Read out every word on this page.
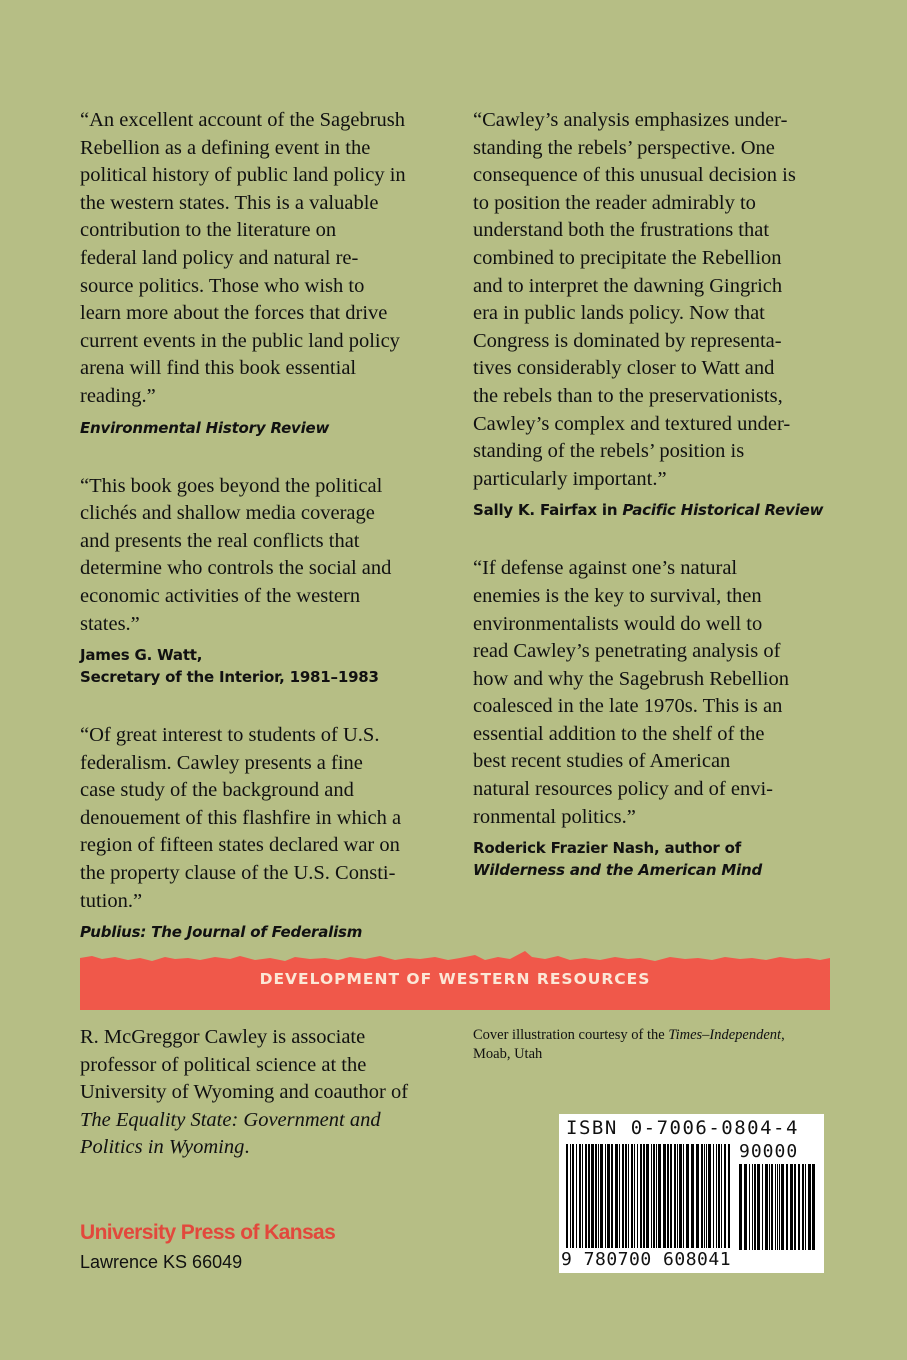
“An excellent account of the Sagebrush
Rebellion as a defining event in the
political history of public land policy in
the western states. This is a valuable
contribution to the literature on
federal land policy and natural re-
source politics. Those who wish to
learn more about the forces that drive
current events in the public land policy
arena will find this book essential
reading.”
Environmental History Review
“This book goes beyond the political
clichés and shallow media coverage
and presents the real conflicts that
determine who controls the social and
economic activities of the western
states.”
James G. Watt,
Secretary of the Interior, 1981–1983
“Of great interest to students of U.S.
federalism. Cawley presents a fine
case study of the background and
denouement of this flashfire in which a
region of fifteen states declared war on
the property clause of the U.S. Consti-
tution.”
Publius: The Journal of Federalism
“Cawley’s analysis emphasizes under-
standing the rebels’ perspective. One
consequence of this unusual decision is
to position the reader admirably to
understand both the frustrations that
combined to precipitate the Rebellion
and to interpret the dawning Gingrich
era in public lands policy. Now that
Congress is dominated by representa-
tives considerably closer to Watt and
the rebels than to the preservationists,
Cawley’s complex and textured under-
standing of the rebels’ position is
particularly important.”
Sally K. Fairfax in Pacific Historical Review
“If defense against one’s natural
enemies is the key to survival, then
environmentalists would do well to
read Cawley’s penetrating analysis of
how and why the Sagebrush Rebellion
coalesced in the late 1970s. This is an
essential addition to the shelf of the
best recent studies of American
natural resources policy and of envi-
ronmental politics.”
Roderick Frazier Nash, author of
Wilderness and the American Mind
DEVELOPMENT OF WESTERN RESOURCES

R. McGreggor Cawley is associate

professor of political science at the

University of Wyoming and coauthor of

The Equality State: Government and

Politics in Wyoming.

Cover illustration courtesy of the Times–Independent,
Moab, Utah
University Press of Kansas
Lawrence KS 66049
ISBN 0-7006-0804-4
90000
9 780700 608041
